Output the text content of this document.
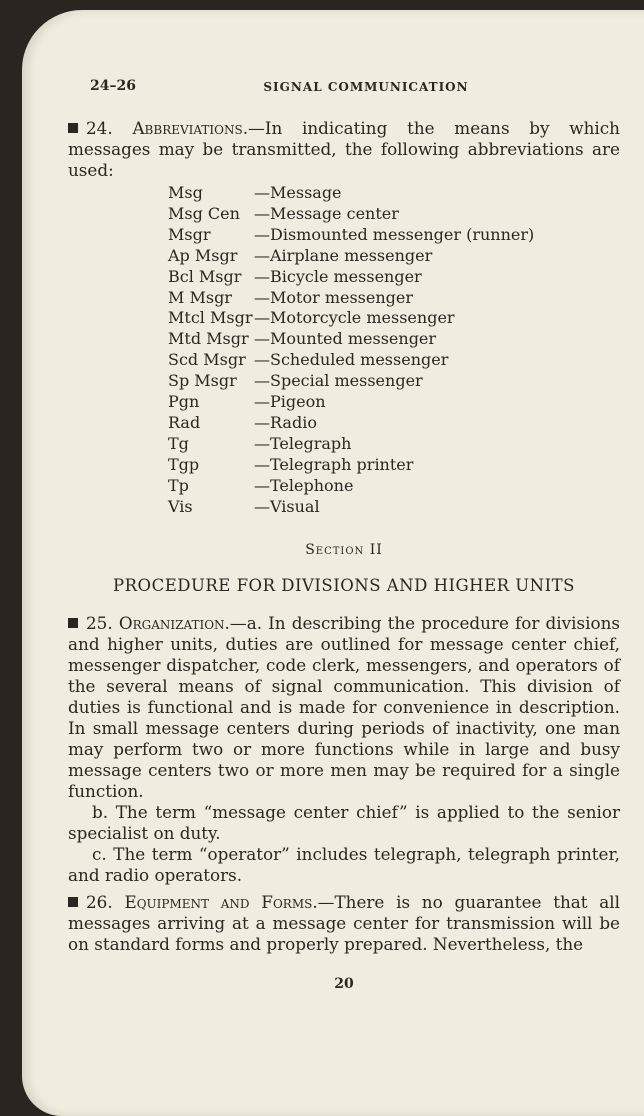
24–26	SIGNAL COMMUNICATION

24. Abbreviations.—In indicating the means by which messages may be transmitted, the following abbreviations are used:

Msg	—Message
Msg Cen —Message center
Msgr	—Dismounted messenger (runner)
Ap Msgr	—Airplane messenger
Bcl Msgr —Bicycle messenger
M Msgr	—Motor messenger
Mtcl Msgr —Motorcycle messenger
Mtd Msgr —Mounted messenger
Scd Msgr —Scheduled messenger
Sp Msgr	—Special messenger
Pgn	—Pigeon
Rad	—Radio
Tg	—Telegraph
Tgp	—Telegraph printer
Tp	—Telephone
Vis	—Visual
Section II
PROCEDURE FOR DIVISIONS AND HIGHER UNITS

25. Organization.—a. In describing the procedure for divisions and higher units, duties are outlined for message center chief, messenger dispatcher, code clerk, messengers, and operators of the several means of signal communication. This division of duties is functional and is made for convenience in description. In small message centers during periods of inactivity, one man may perform two or more functions while in large and busy message centers two or more men may be required for a single function.

b. The term “message center chief” is applied to the senior specialist on duty.

c. The term “operator” includes telegraph, telegraph printer, and radio operators.

26. Equipment and Forms.—There is no guarantee that all messages arriving at a message center for transmission will be on standard forms and properly prepared. Nevertheless, the

20
